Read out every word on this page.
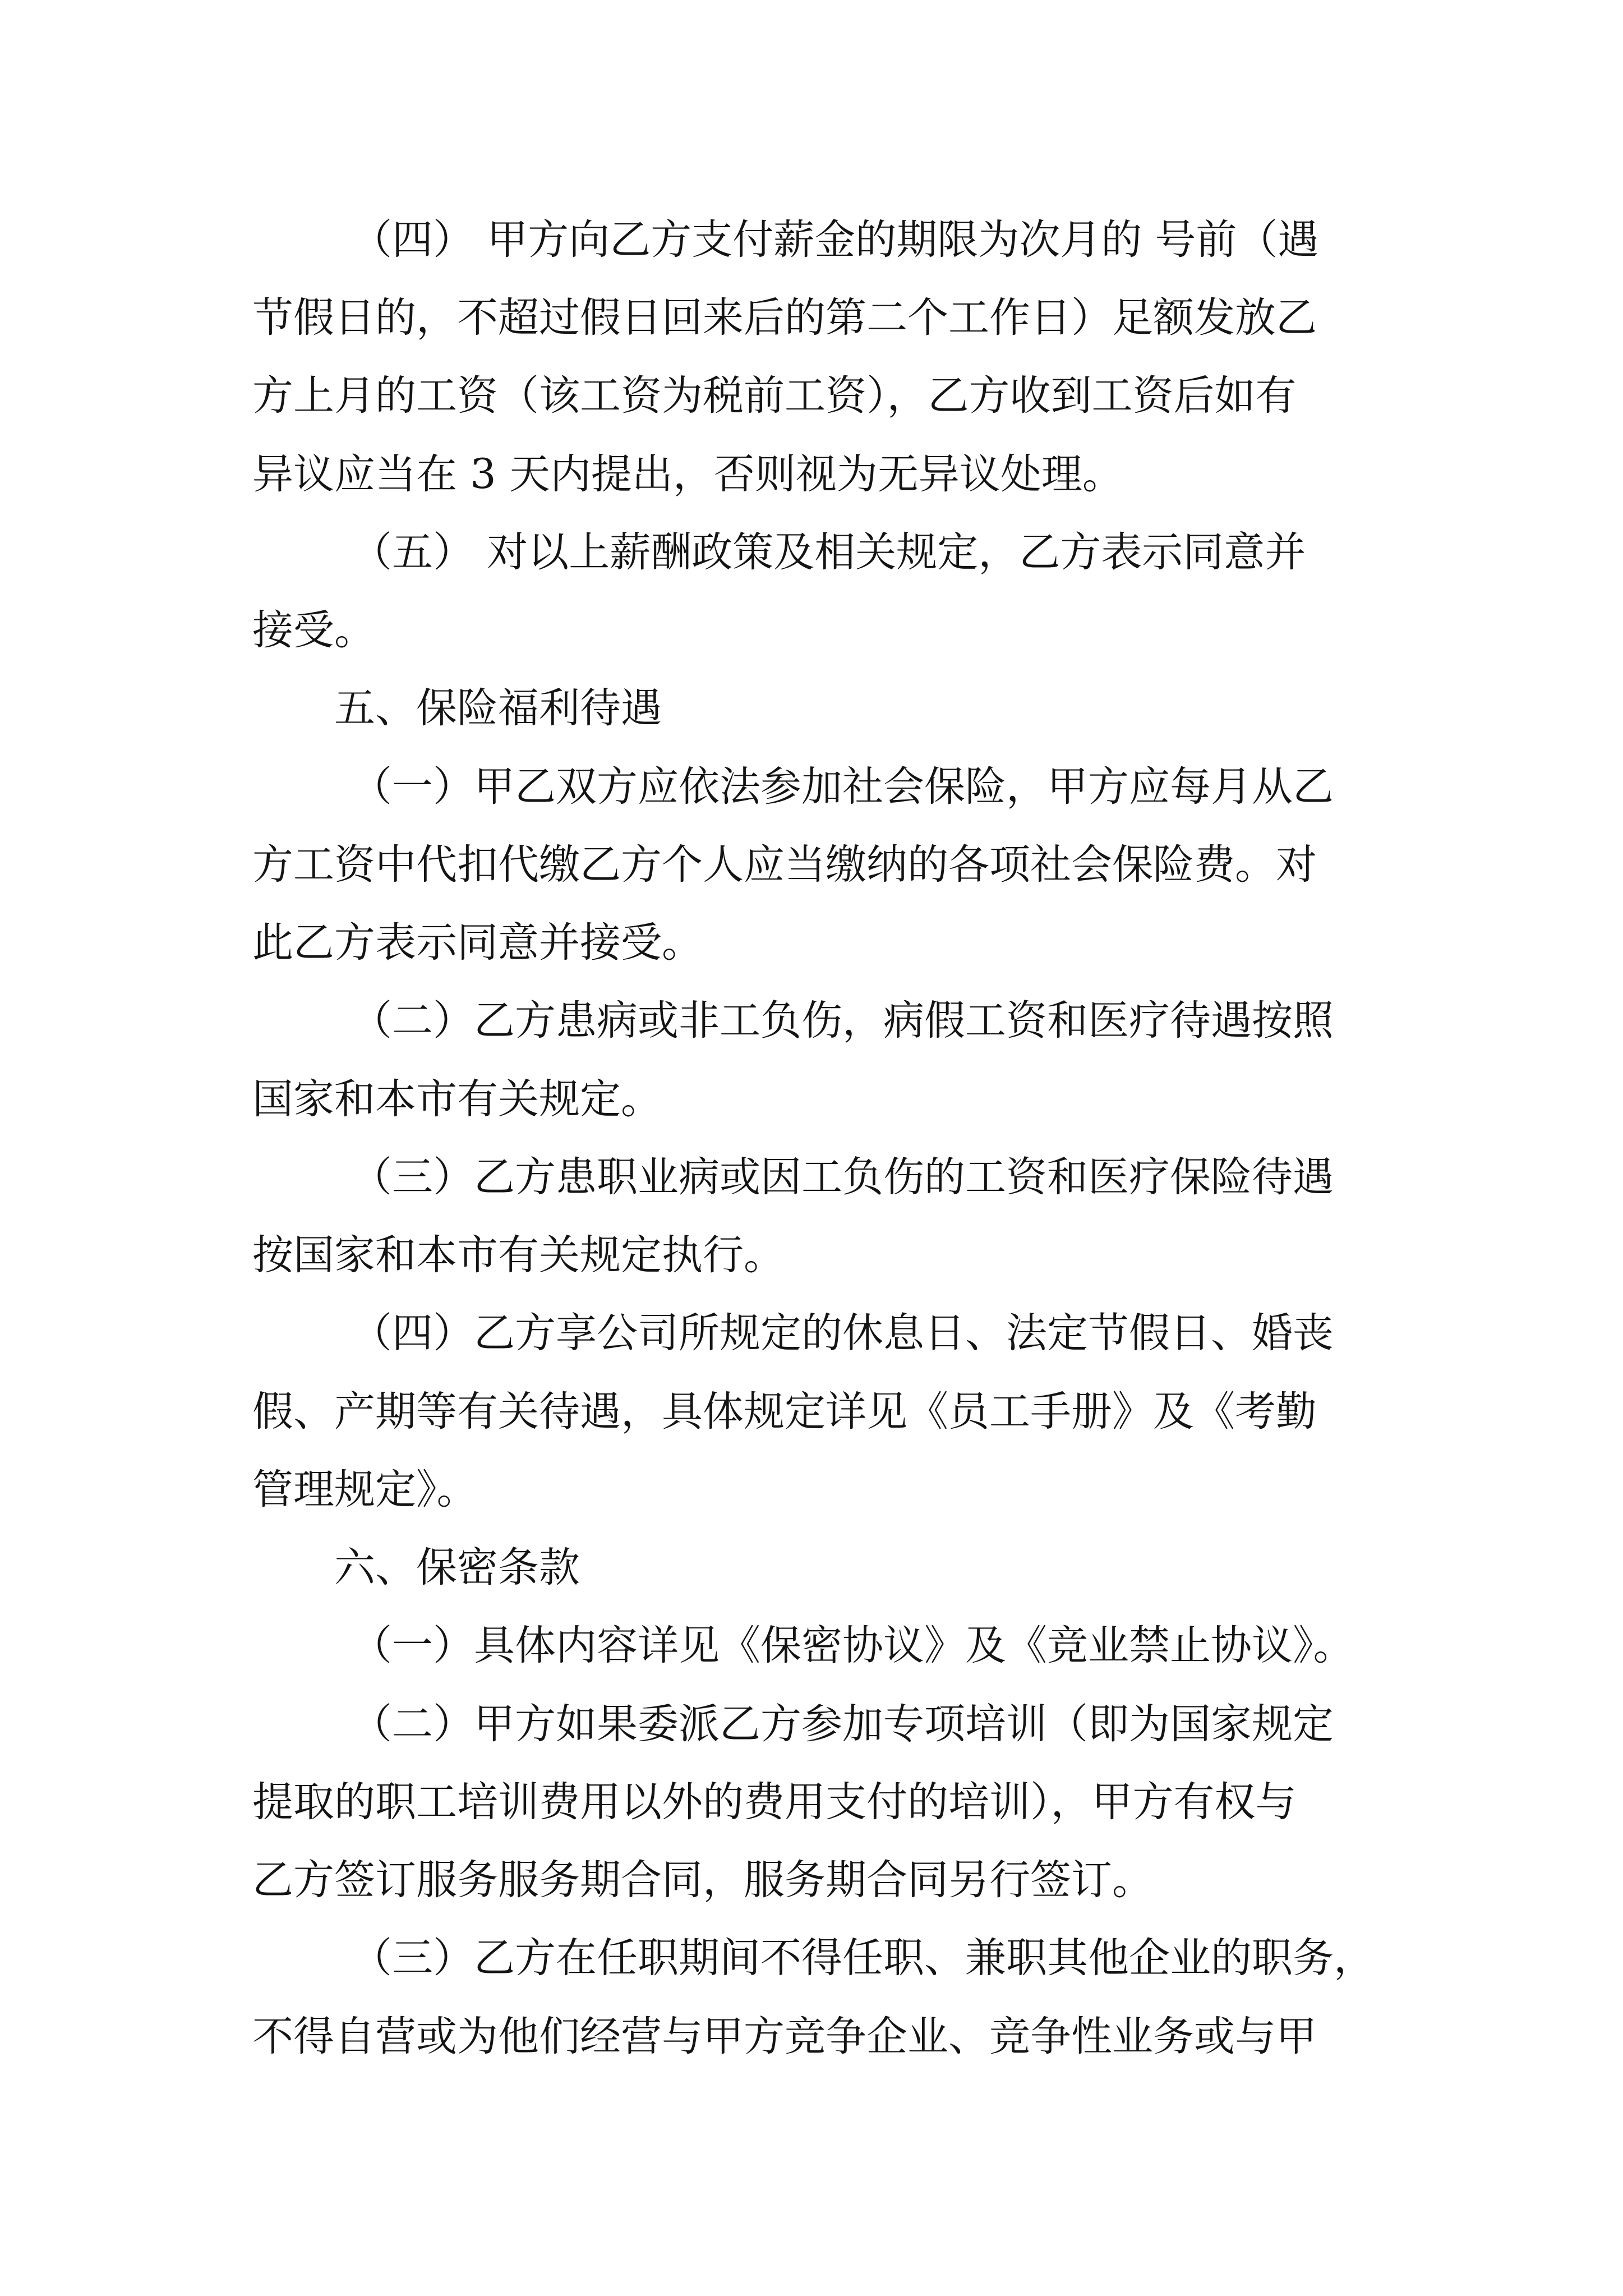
（四） 甲方向乙方支付薪金的期限为次月的 号前（遇
节假日的，不超过假日回来后的第二个工作日）足额发放乙
方上月的工资（该工资为税前工资），乙方收到工资后如有
异议应当在 3 天内提出，否则视为无异议处理。
（五） 对以上薪酬政策及相关规定，乙方表示同意并
接受。
五、保险福利待遇
（一）甲乙双方应依法参加社会保险，甲方应每月从乙
方工资中代扣代缴乙方个人应当缴纳的各项社会保险费。对
此乙方表示同意并接受。
（二）乙方患病或非工负伤，病假工资和医疗待遇按照
国家和本市有关规定。
（三）乙方患职业病或因工负伤的工资和医疗保险待遇
按国家和本市有关规定执行。
（四）乙方享公司所规定的休息日、法定节假日、婚丧
假、产期等有关待遇，具体规定详见《员工手册》及《考勤
管理规定》。
六、保密条款
（一）具体内容详见《保密协议》及《竞业禁止协议》。
（二）甲方如果委派乙方参加专项培训（即为国家规定
提取的职工培训费用以外的费用支付的培训），甲方有权与
乙方签订服务服务期合同，服务期合同另行签订。
（三）乙方在任职期间不得任职、兼职其他企业的职务，
不得自营或为他们经营与甲方竞争企业、竞争性业务或与甲
